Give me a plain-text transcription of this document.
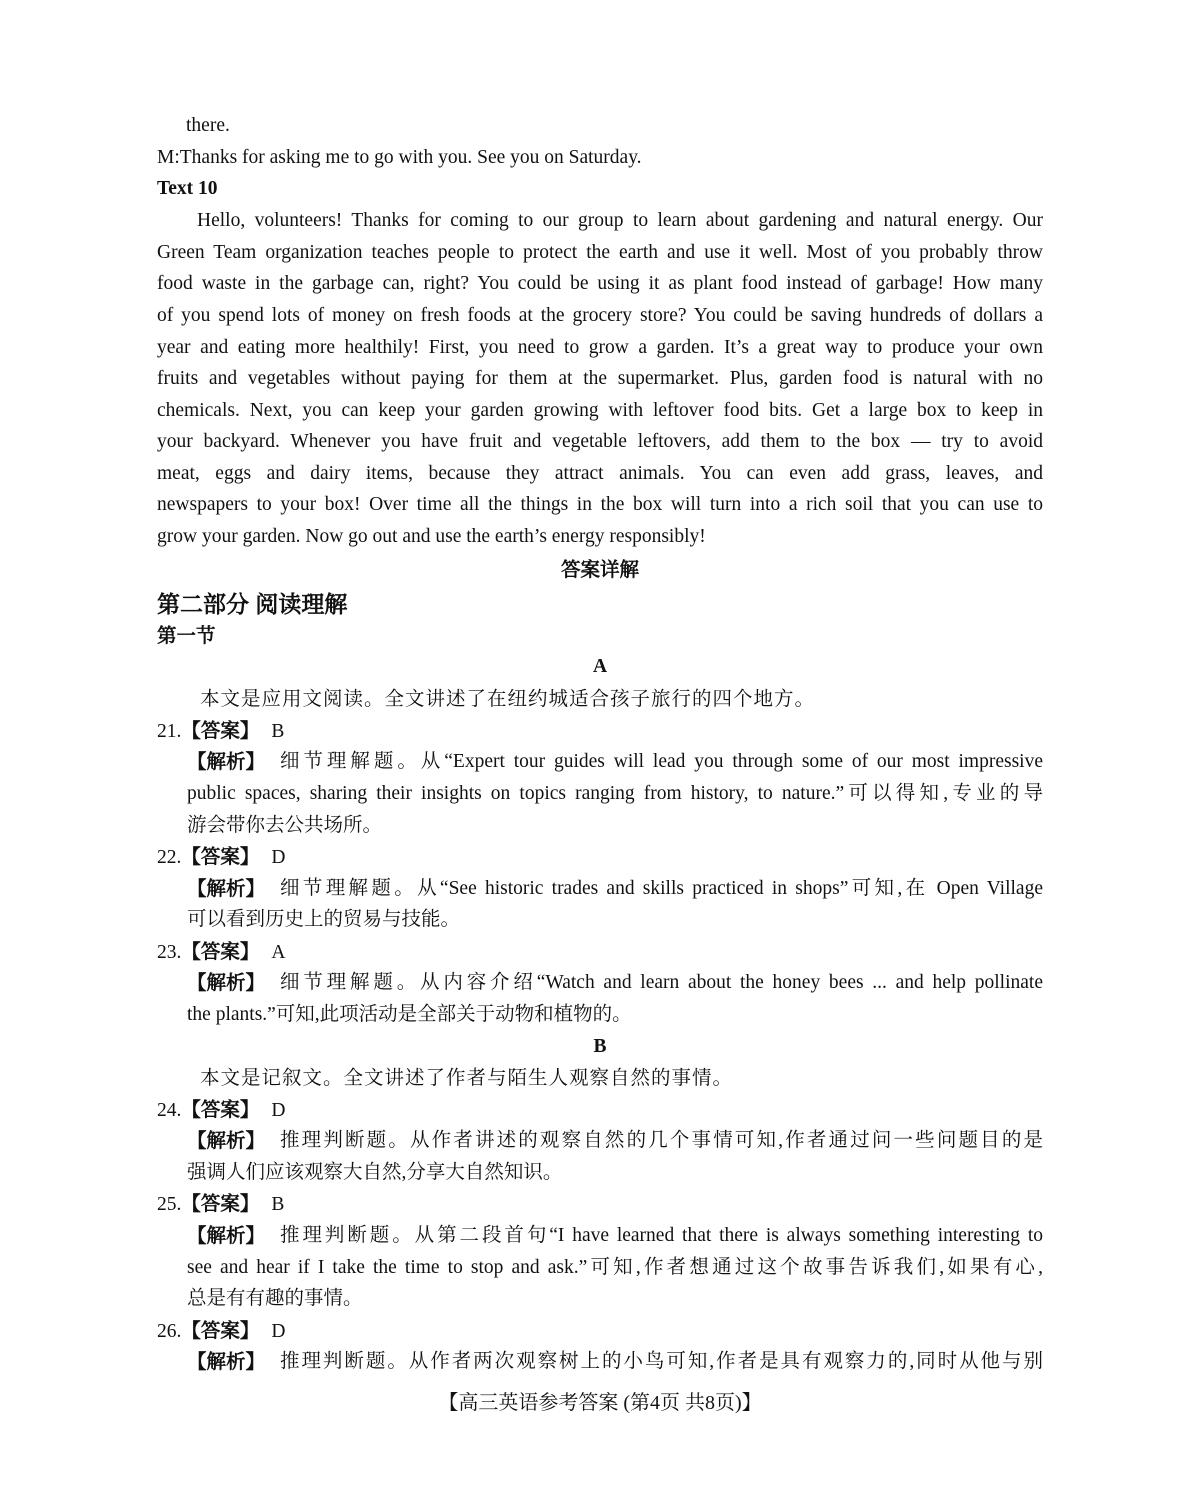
there.
M:Thanks for asking me to go with you. See you on Saturday.
Text 10
Hello, volunteers! Thanks for coming to our group to learn about gardening and natural energy. Our
Green Team organization teaches people to protect the earth and use it well. Most of you probably throw
food waste in the garbage can, right? You could be using it as plant food instead of garbage! How many
of you spend lots of money on fresh foods at the grocery store? You could be saving hundreds of dollars a
year and eating more healthily! First, you need to grow a garden. It’s a great way to produce your own
fruits and vegetables without paying for them at the supermarket. Plus, garden food is natural with no
chemicals. Next, you can keep your garden growing with leftover food bits. Get a large box to keep in
your backyard. Whenever you have fruit and vegetable leftovers, add them to the box — try to avoid
meat, eggs and dairy items, because they attract animals. You can even add grass, leaves, and
newspapers to your box! Over time all the things in the box will turn into a rich soil that you can use to
grow your garden. Now go out and use the earth’s energy responsibly!
答案详解
第二部分 阅读理解
第一节
A
本文是应用文阅读。全文讲述了在纽约城适合孩子旅行的四个地方。
21.【答案】 B
【解析】 细节理解题。从“Expert tour guides will lead you through some of our most impressive
public spaces, sharing their insights on topics ranging from history, to nature.”可以得知,专业的导
游会带你去公共场所。
22.【答案】 D
【解析】 细节理解题。从“See historic trades and skills practiced in shops”可知,在 Open Village
可以看到历史上的贸易与技能。
23.【答案】 A
【解析】 细节理解题。从内容介绍“Watch and learn about the honey bees ... and help pollinate
the plants.”可知,此项活动是全部关于动物和植物的。
B
本文是记叙文。全文讲述了作者与陌生人观察自然的事情。
24.【答案】 D
【解析】 推理判断题。从作者讲述的观察自然的几个事情可知,作者通过问一些问题目的是
强调人们应该观察大自然,分享大自然知识。
25.【答案】 B
【解析】 推理判断题。从第二段首句“I have learned that there is always something interesting to
see and hear if I take the time to stop and ask.”可知,作者想通过这个故事告诉我们,如果有心,
总是有有趣的事情。
26.【答案】 D
【解析】 推理判断题。从作者两次观察树上的小鸟可知,作者是具有观察力的,同时从他与别
【高三英语参考答案 (第4页 共8页)】
